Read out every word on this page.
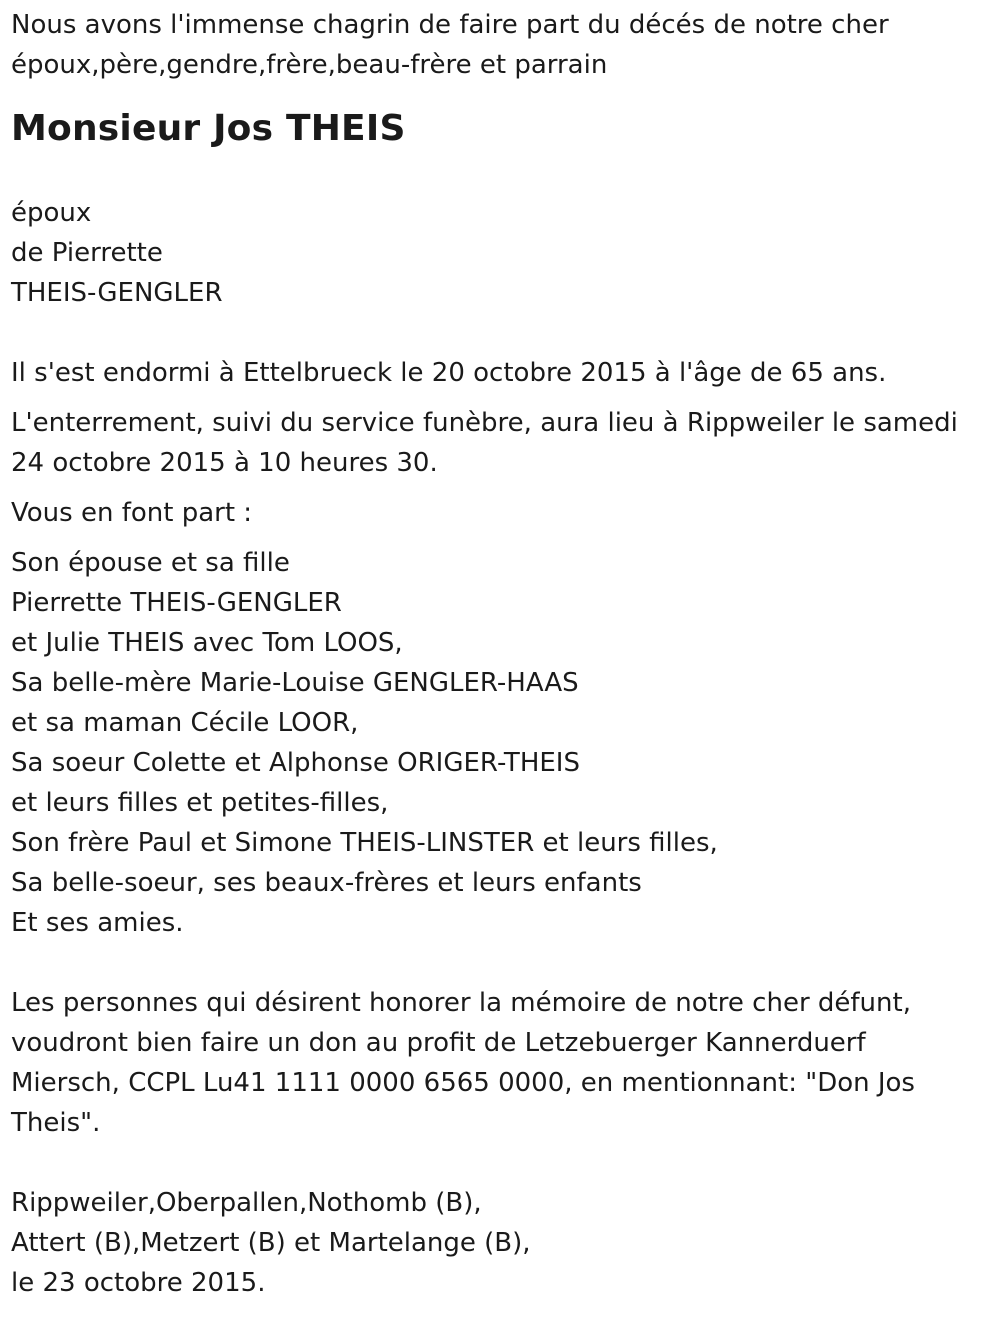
Nous avons l'immense chagrin de faire part du décés de notre cher
époux,père,gendre,frère,beau-frère et parrain
Monsieur Jos THEIS
époux
de Pierrette
THEIS-GENGLER
Il s'est endormi à Ettelbrueck le 20 octobre 2015 à l'âge de 65 ans.
L'enterrement, suivi du service funèbre, aura lieu à Rippweiler le samedi
24 octobre 2015 à 10 heures 30.
Vous en font part :
Son épouse et sa fille
Pierrette THEIS-GENGLER
et Julie THEIS avec Tom LOOS,
Sa belle-mère Marie-Louise GENGLER-HAAS
et sa maman Cécile LOOR,
Sa soeur Colette et Alphonse ORIGER-THEIS
et leurs filles et petites-filles,
Son frère Paul et Simone THEIS-LINSTER et leurs filles,
Sa belle-soeur, ses beaux-frères et leurs enfants
Et ses amies.
Les personnes qui désirent honorer la mémoire de notre cher défunt,
voudront bien faire un don au profit de Letzebuerger Kannerduerf
Miersch, CCPL Lu41 1111 0000 6565 0000, en mentionnant: "Don Jos
Theis".
Rippweiler,Oberpallen,Nothomb (B),
Attert (B),Metzert (B) et Martelange (B),
le 23 octobre 2015.
